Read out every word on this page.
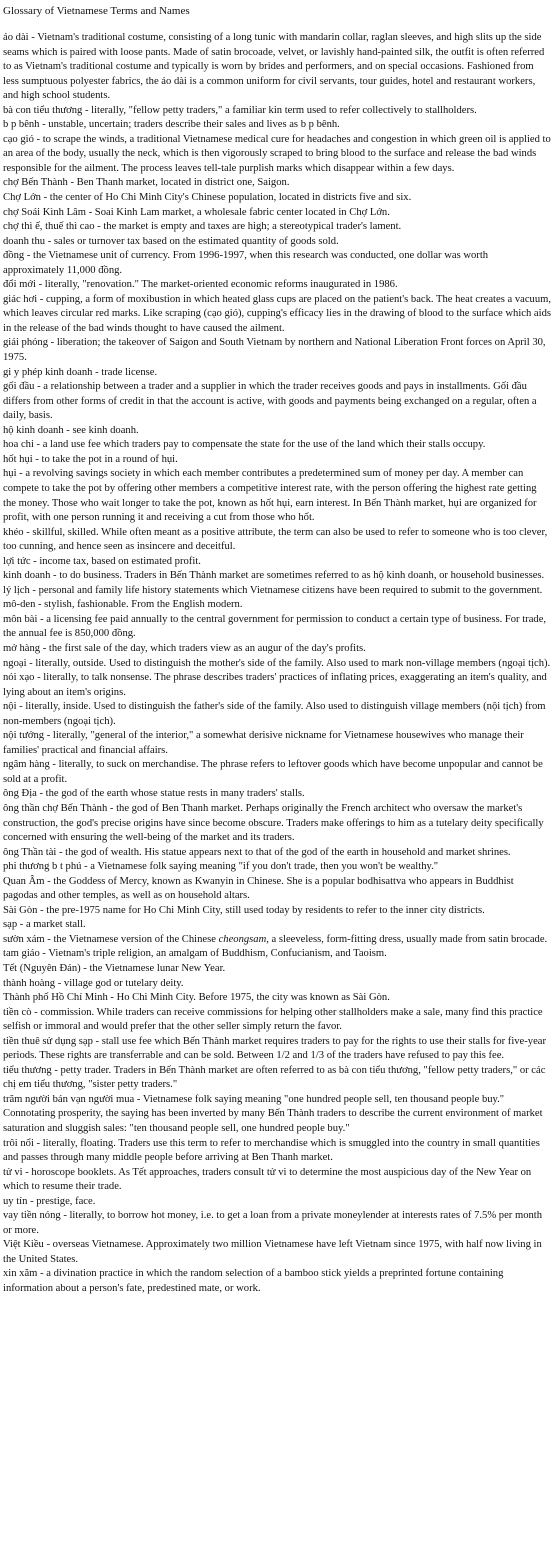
Glossary of Vietnamese Terms and Names

áo dài - Vietnam's traditional costume, consisting of a long tunic with mandarin collar, raglan sleeves, and high slits up the side seams which is paired with loose pants. Made of satin brocoade, velvet, or lavishly hand-painted silk, the outfit is often referred to as Vietnam's traditional costume and typically is worn by brides and performers, and on special occasions. Fashioned from less sumptuous polyester fabrics, the áo dài is a common uniform for civil servants, tour guides, hotel and restaurant workers, and high school students.

bà con tiểu thương - literally, "fellow petty traders," a familiar kin term used to refer collectively to stallholders.

b p bênh - unstable, uncertain; traders describe their sales and lives as b p bênh.

cạo gió - to scrape the winds, a traditional Vietnamese medical cure for headaches and congestion in which green oil is applied to an area of the body, usually the neck, which is then vigorously scraped to bring blood to the surface and release the bad winds responsible for the ailment. The process leaves tell-tale purplish marks which disappear within a few days.

chợ Bến Thành - Ben Thanh market, located in district one, Saigon.

Chợ Lớn - the center of Ho Chi Minh City's Chinese population, located in districts five and six.

chợ Soái Kình Lâm - Soai Kinh Lam market, a wholesale fabric center located in Chợ Lớn.

chợ thì ế, thuế thì cao - the market is empty and taxes are high; a stereotypical trader's lament.

doanh thu - sales or turnover tax based on the estimated quantity of goods sold.

đồng - the Vietnamese unit of currency. From 1996-1997, when this research was conducted, one dollar was worth approximately 11,000 đồng.

đổi mới - literally, "renovation." The market-oriented economic reforms inaugurated in 1986.

giác hơi - cupping, a form of moxibustion in which heated glass cups are placed on the patient's back. The heat creates a vacuum, which leaves circular red marks. Like scraping (cạo gió), cupping's efficacy lies in the drawing of blood to the surface which aids in the release of the bad winds thought to have caused the ailment.

giải phóng - liberation; the takeover of Saigon and South Vietnam by northern and National Liberation Front forces on April 30, 1975.

gi y phép kinh doanh - trade license.

gối đầu - a relationship between a trader and a supplier in which the trader receives goods and pays in installments. Gối đầu differs from other forms of credit in that the account is active, with goods and payments being exchanged on a regular, often a daily, basis.

hộ kinh doanh - see kinh doanh.

hoa chi - a land use fee which traders pay to compensate the state for the use of the land which their stalls occupy.

hốt hụi - to take the pot in a round of hụi.

hụi - a revolving savings society in which each member contributes a predetermined sum of money per day. A member can compete to take the pot by offering other members a competitive interest rate, with the person offering the highest rate getting the money. Those who wait longer to take the pot, known as hốt hụi, earn interest. In Bến Thành market, hụi are organized for profit, with one person running it and receiving a cut from those who hốt.

khéo - skillful, skilled. While often meant as a positive attribute, the term can also be used to refer to someone who is too clever, too cunning, and hence seen as insincere and deceitful.

lợi tức - income tax, based on estimated profit.

kinh doanh - to do business. Traders in Bến Thành market are sometimes referred to as hộ kinh doanh, or household businesses.

lý lịch - personal and family life history statements which Vietnamese citizens have been required to submit to the government.

mô-den - stylish, fashionable. From the English modern.

môn bài - a licensing fee paid annually to the central government for permission to conduct a certain type of business. For trade, the annual fee is 850,000 đồng.

mở hàng - the first sale of the day, which traders view as an augur of the day's profits.

ngoại - literally, outside. Used to distinguish the mother's side of the family. Also used to mark non-village members (ngoại tịch).

nói xạo - literally, to talk nonsense. The phrase describes traders' practices of inflating prices, exaggerating an item's quality, and lying about an item's origins.

nội - literally, inside. Used to distinguish the father's side of the family. Also used to distinguish village members (nội tịch) from non-members (ngoại tịch).

nội tướng - literally, "general of the interior," a somewhat derisive nickname for Vietnamese housewives who manage their families' practical and financial affairs.

ngâm hàng - literally, to suck on merchandise. The phrase refers to leftover goods which have become unpopular and cannot be sold at a profit.

ông Địa - the god of the earth whose statue rests in many traders' stalls.

ông thần chợ Bến Thành - the god of Ben Thanh market. Perhaps originally the French architect who oversaw the market's construction, the god's precise origins have since become obscure. Traders make offerings to him as a tutelary deity specifically concerned with ensuring the well-being of the market and its traders.

ông Thần tài - the god of wealth. His statue appears next to that of the god of the earth in household and market shrines.

phi thương b t phú - a Vietnamese folk saying meaning "if you don't trade, then you won't be wealthy."

Quan Âm - the Goddess of Mercy, known as Kwanyin in Chinese. She is a popular bodhisattva who appears in Buddhist pagodas and other temples, as well as on household altars.

Sài Gòn - the pre-1975 name for Ho Chi Minh City, still used today by residents to refer to the inner city districts.

sạp - a market stall.

sườn xám - the Vietnamese version of the Chinese cheongsam, a sleeveless, form-fitting dress, usually made from satin brocade.

tam giáo - Vietnam's triple religion, an amalgam of Buddhism, Confucianism, and Taoism.

Tết (Nguyên Đán) - the Vietnamese lunar New Year.

thành hoàng - village god or tutelary deity.

Thành phố Hồ Chí Minh - Ho Chi Minh City. Before 1975, the city was known as Sài Gòn.

tiền cò - commission. While traders can receive commissions for helping other stallholders make a sale, many find this practice selfish or immoral and would prefer that the other seller simply return the favor.

tiền thuê sử dụng sạp - stall use fee which Bến Thành market requires traders to pay for the rights to use their stalls for five-year periods. These rights are transferrable and can be sold. Between 1/2 and 1/3 of the traders have refused to pay this fee.

tiểu thương - petty trader. Traders in Bến Thành market are often referred to as bà con tiểu thương, "fellow petty traders," or các chị em tiểu thương, "sister petty traders."

trăm người bán vạn người mua - Vietnamese folk saying meaning "one hundred people sell, ten thousand people buy." Connotating prosperity, the saying has been inverted by many Bến Thành traders to describe the current environment of market saturation and sluggish sales: "ten thousand people sell, one hundred people buy."

trôi nổi - literally, floating. Traders use this term to refer to merchandise which is smuggled into the country in small quantities and passes through many middle people before arriving at Ben Thanh market.

tử vi - horoscope booklets. As Tết approaches, traders consult tử vi to determine the most auspicious day of the New Year on which to resume their trade.

uy tín - prestige, face.

vay tiền nóng - literally, to borrow hot money, i.e. to get a loan from a private moneylender at interests rates of 7.5% per month or more.

Việt Kiều - overseas Vietnamese. Approximately two million Vietnamese have left Vietnam since 1975, with half now living in the United States.

xin xăm - a divination practice in which the random selection of a bamboo stick yields a preprinted fortune containing information about a person's fate, predestined mate, or work.
